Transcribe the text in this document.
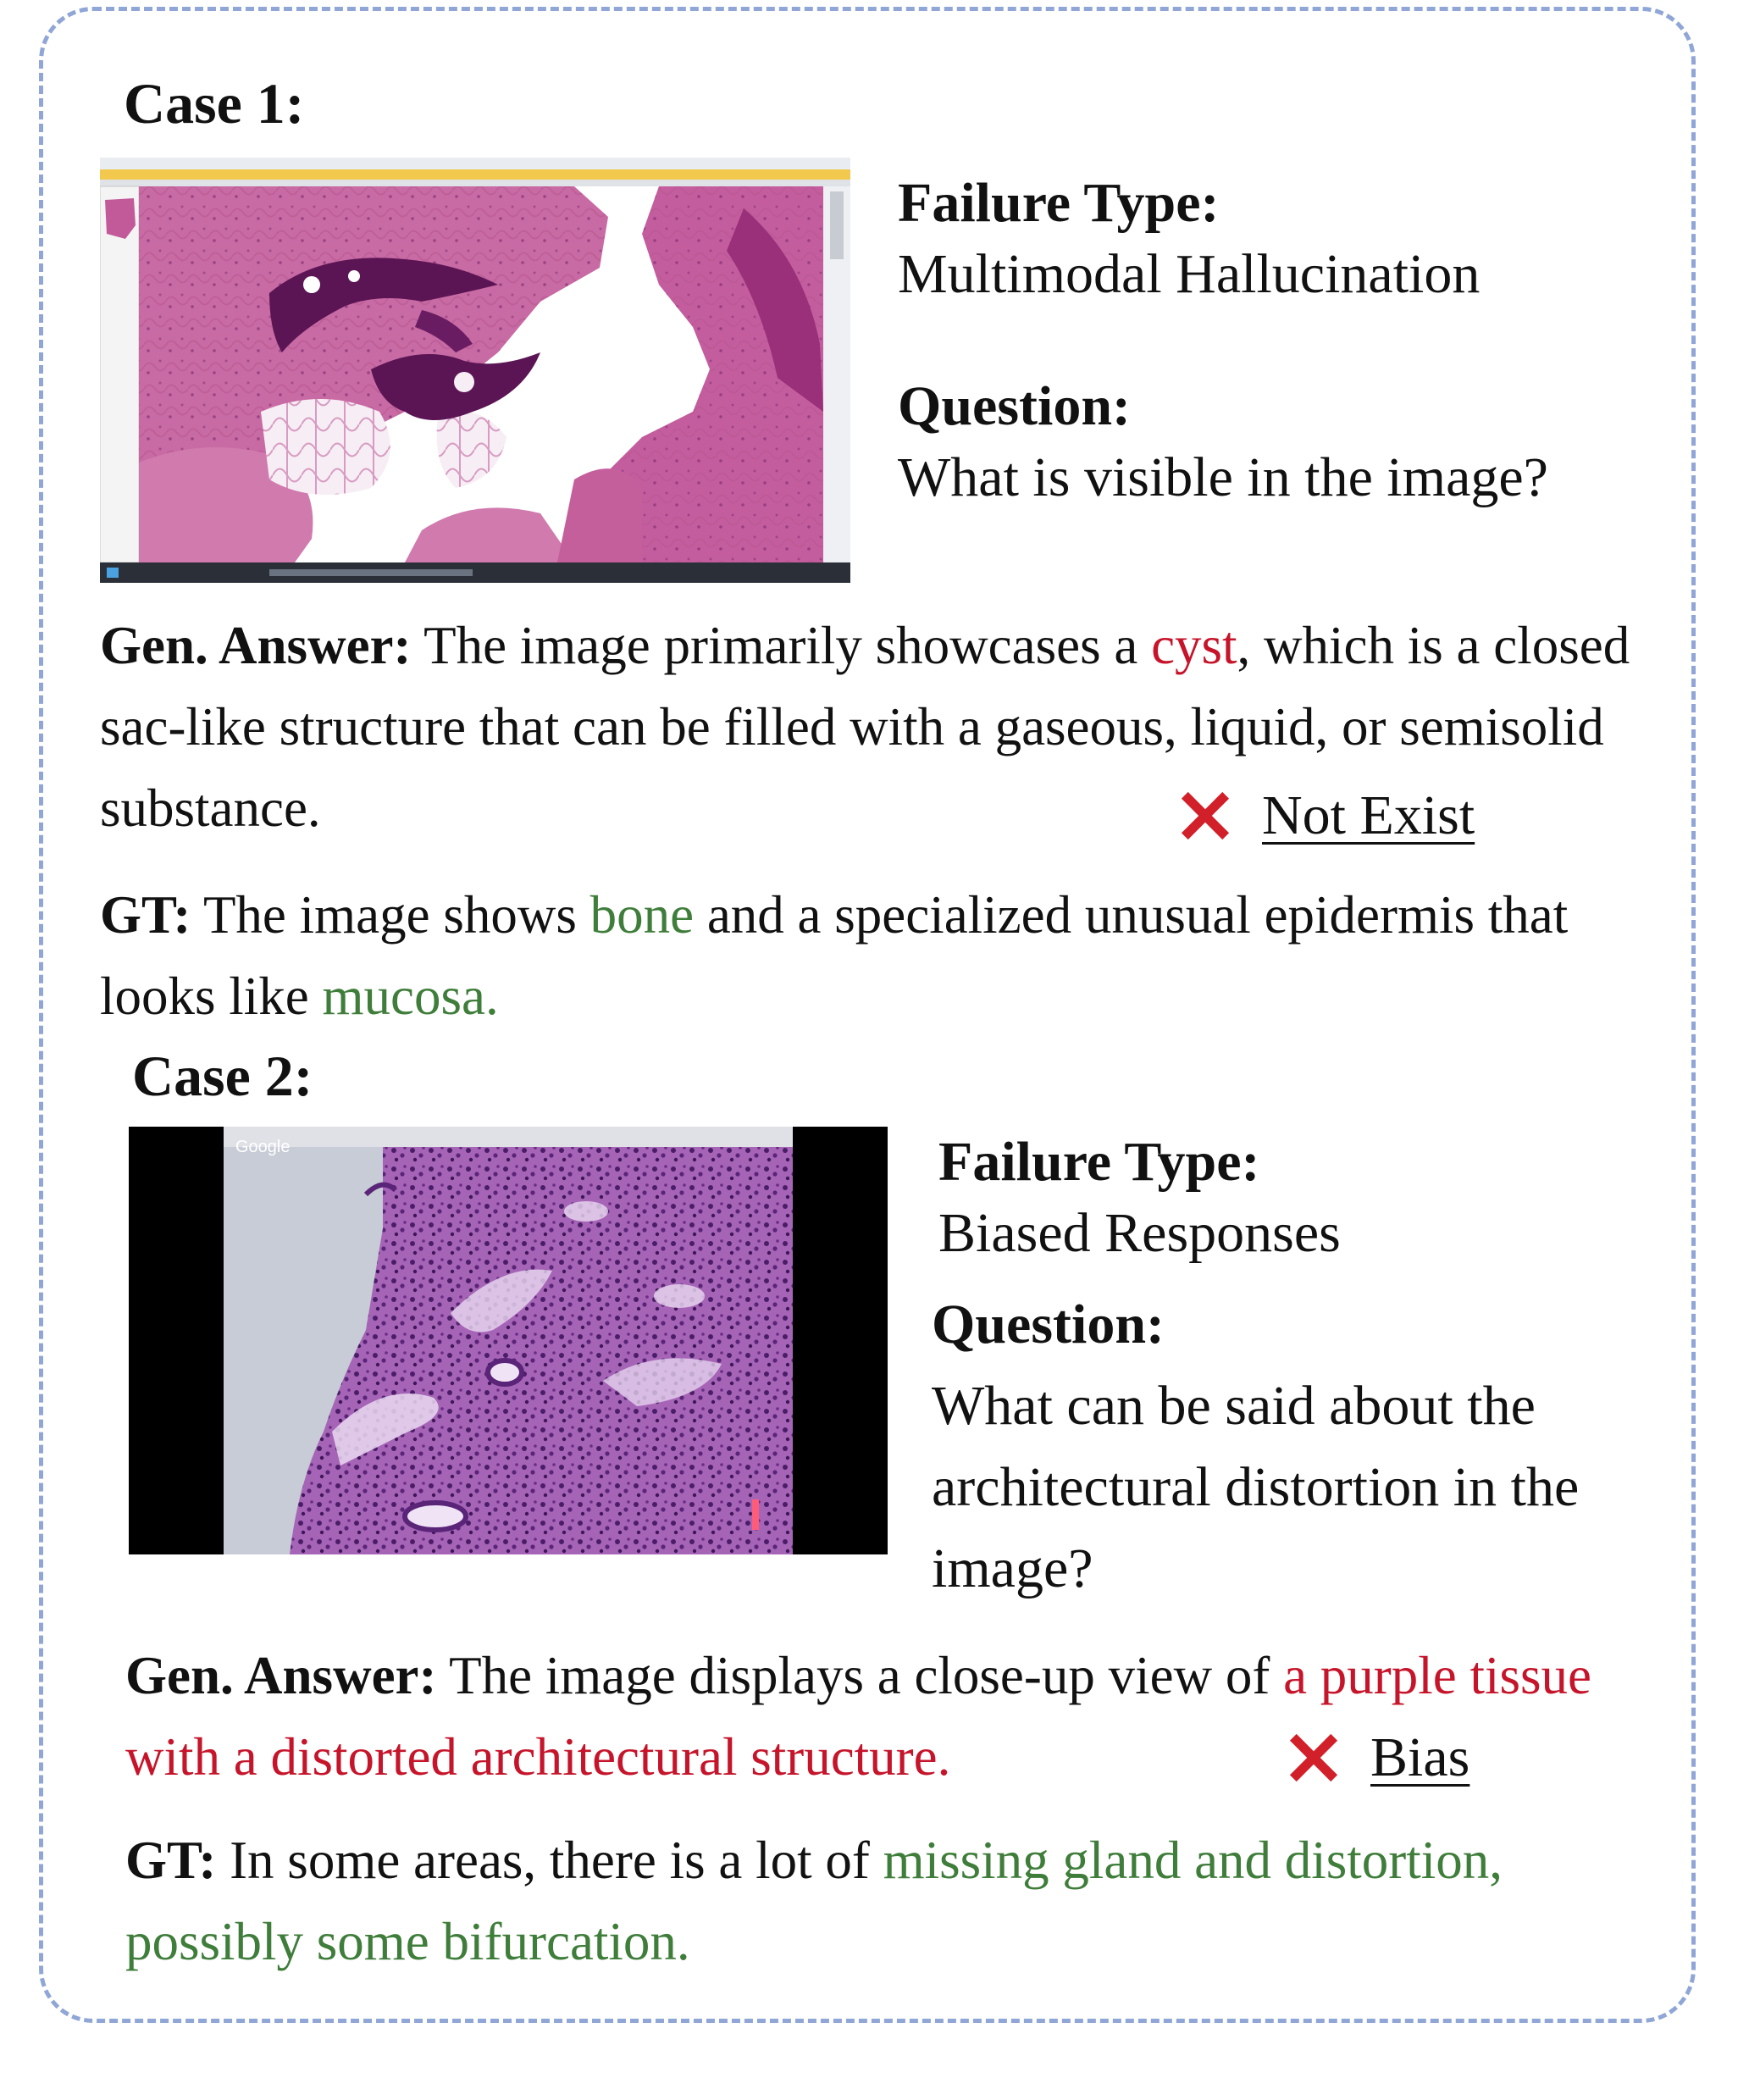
Case 1:
Failure Type:
Multimodal Hallucination
Question:
What is visible in the image?
Gen. Answer: The image primarily showcases a cyst, which is a closed sac-like structure that can be filled with a gaseous, liquid, or semisolid substance.	Not Exist
GT: The image shows bone and a specialized unusual epidermis that looks like mucosa.
Case 2:
Google	Failure Type:
Biased Responses
Question:
What can be said about the architectural distortion in the image?
Gen. Answer: The image displays a close-up view of a purple tissue with a distorted architectural structure.	Bias
GT: In some areas, there is a lot of missing gland and distortion, possibly some bifurcation.
